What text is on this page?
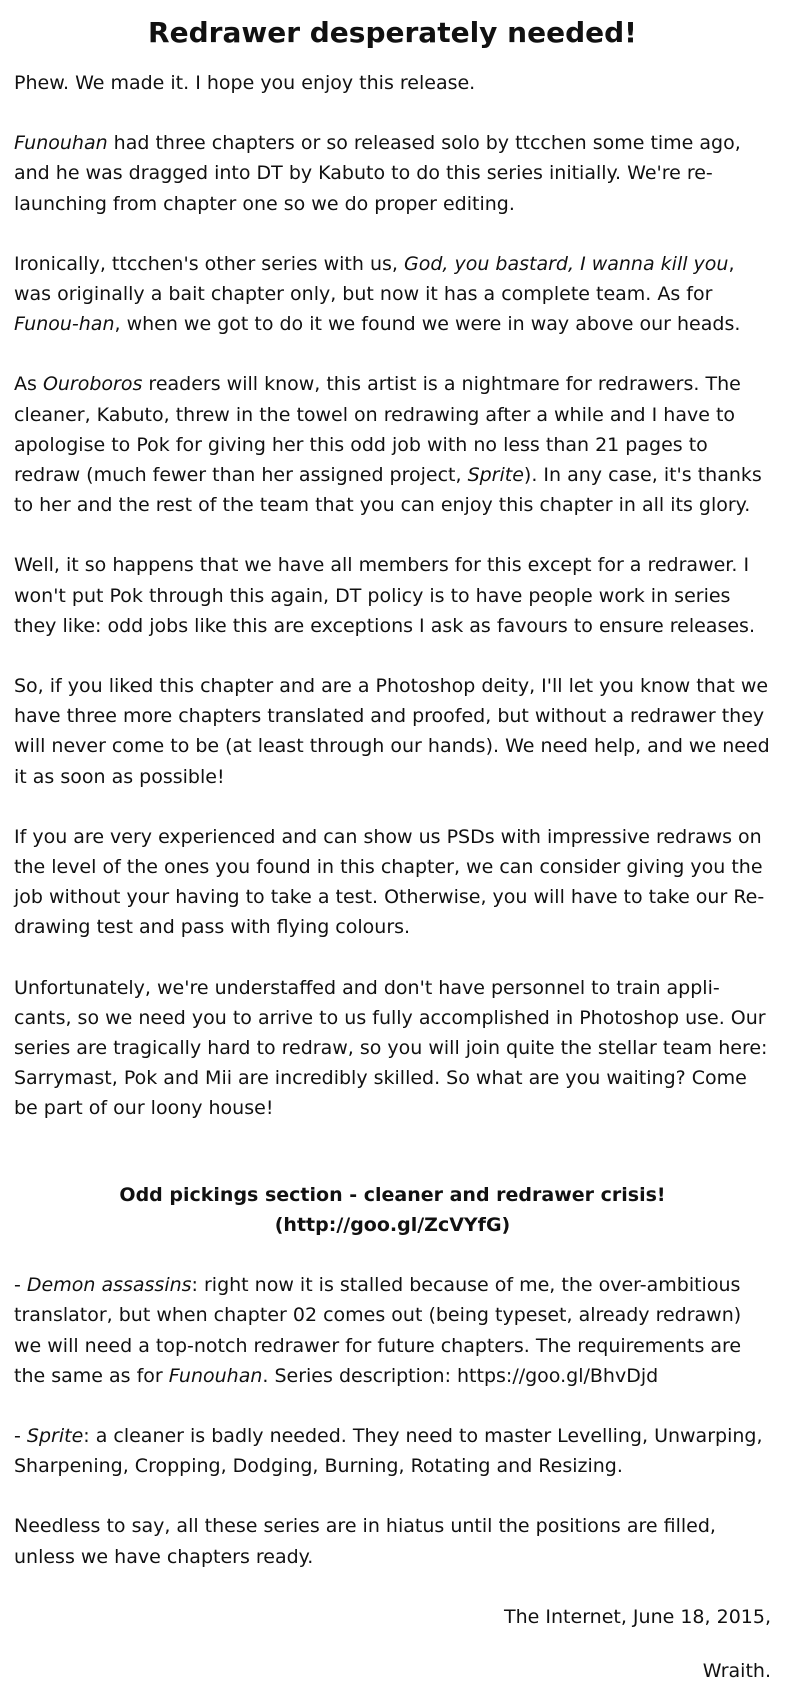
Redrawer desperately needed!

Phew. We made it. I hope you enjoy this release.

Funouhan had three chapters or so released solo by ttcchen some time ago, and he was dragged into DT by Kabuto to do this series initially. We're re-launching from chapter one so we do proper editing.

Ironically, ttcchen's other series with us, God, you bastard, I wanna kill you, was originally a bait chapter only, but now it has a complete team. As for Funou-han, when we got to do it we found we were in way above our heads.

As Ouroboros readers will know, this artist is a nightmare for redrawers. The cleaner, Kabuto, threw in the towel on redrawing after a while and I have to apologise to Pok for giving her this odd job with no less than 21 pages to redraw (much fewer than her assigned project, Sprite). In any case, it's thanks to her and the rest of the team that you can enjoy this chapter in all its glory.

Well, it so happens that we have all members for this except for a redrawer. I won't put Pok through this again, DT policy is to have people work in series they like: odd jobs like this are exceptions I ask as favours to ensure releases.

So, if you liked this chapter and are a Photoshop deity, I'll let you know that we have three more chapters translated and proofed, but without a redrawer they will never come to be (at least through our hands). We need help, and we need it as soon as possible!

If you are very experienced and can show us PSDs with impressive redraws on the level of the ones you found in this chapter, we can consider giving you the job without your having to take a test. Otherwise, you will have to take our Re-drawing test and pass with flying colours.

Unfortunately, we're understaffed and don't have personnel to train appli-cants, so we need you to arrive to us fully accomplished in Photoshop use. Our series are tragically hard to redraw, so you will join quite the stellar team here: Sarrymast, Pok and Mii are incredibly skilled. So what are you waiting? Come be part of our loony house!

Odd pickings section - cleaner and redrawer crisis!
(http://goo.gl/ZcVYfG)

- Demon assassins: right now it is stalled because of me, the over-ambitious translator, but when chapter 02 comes out (being typeset, already redrawn) we will need a top-notch redrawer for future chapters. The requirements are the same as for Funouhan. Series description: https://goo.gl/BhvDjd

- Sprite: a cleaner is badly needed. They need to master Levelling, Unwarping, Sharpening, Cropping, Dodging, Burning, Rotating and Resizing.

Needless to say, all these series are in hiatus until the positions are filled, unless we have chapters ready.

The Internet, June 18, 2015,
Wraith.
